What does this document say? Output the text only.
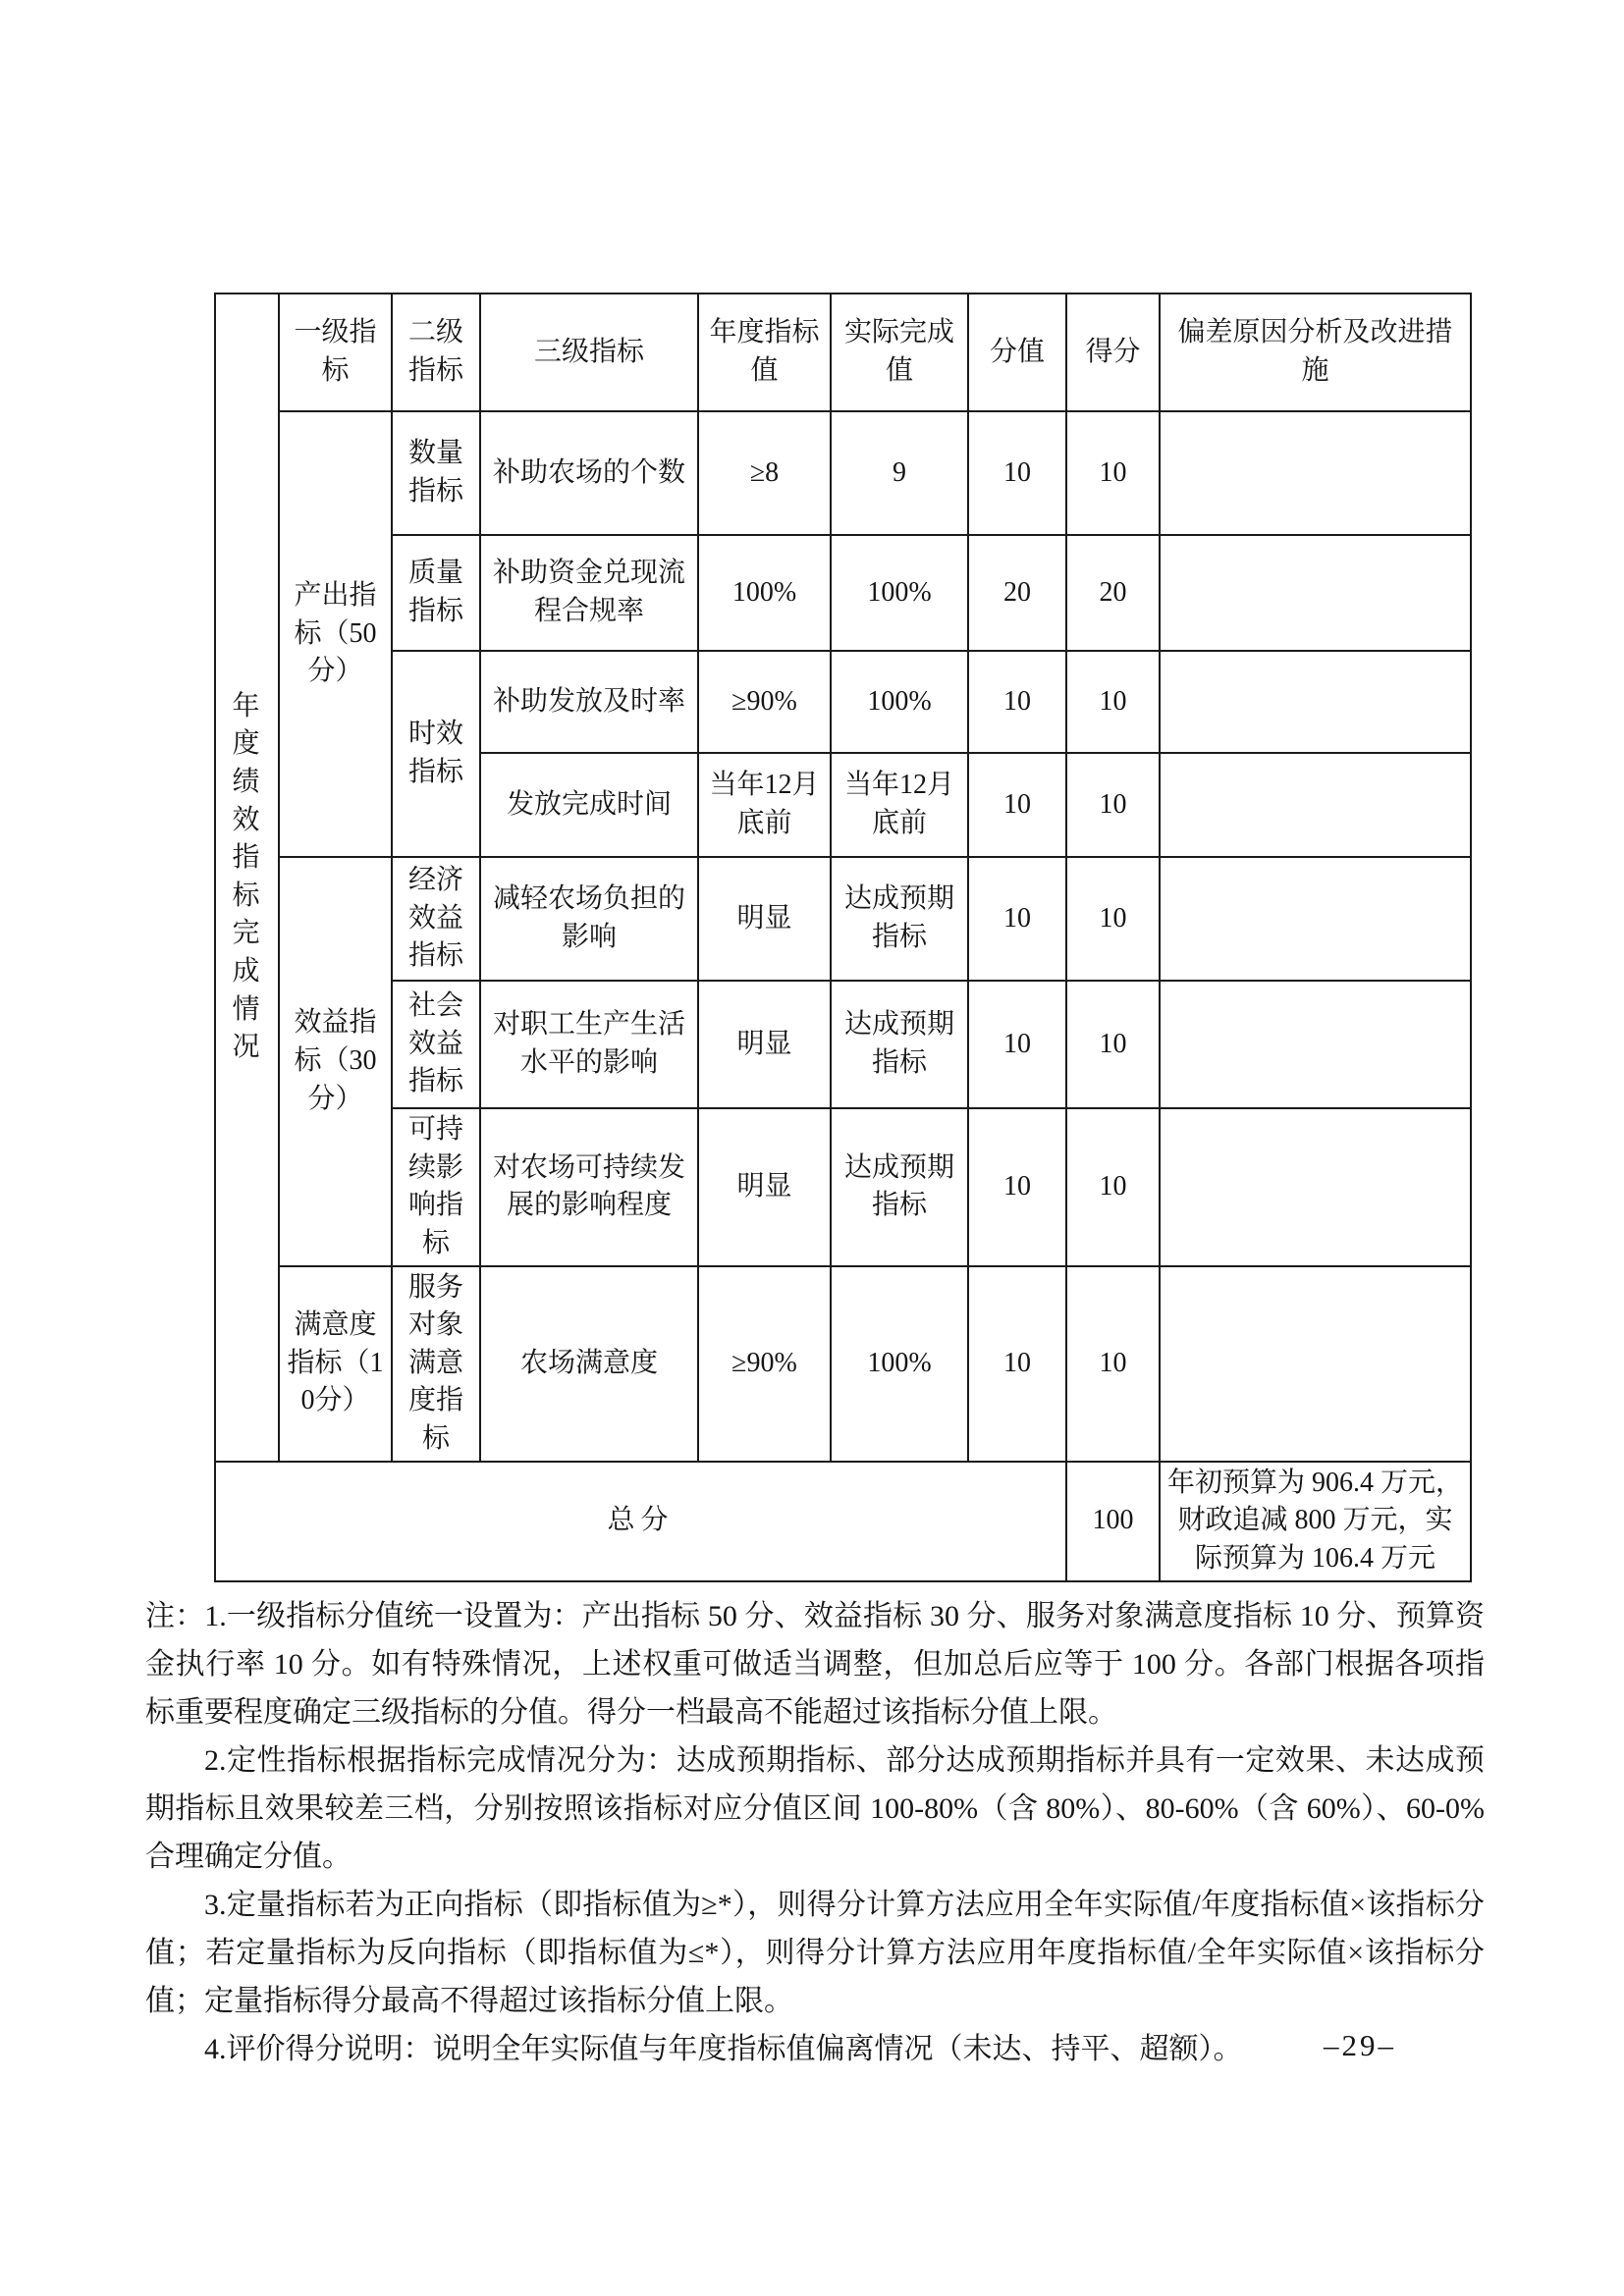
年度绩效指标完成情况	一级指标	二级指标	三级指标	年度指标值	实际完成值	分值	得分	偏差原因分析及改进措施
	产出指标（50分）	数量指标	补助农场的个数	≥8	9	10	10	
		质量指标	补助资金兑现流程合规率	100%	100%	20	20	
		时效指标	补助发放及时率	≥90%	100%	10	10	
			发放完成时间	当年12月底前	当年12月底前	10	10	
	效益指标（30分）	经济效益指标	减轻农场负担的影响	明显	达成预期指标	10	10	
		社会效益指标	对职工生产生活水平的影响	明显	达成预期指标	10	10	
		可持续影响指标	对农场可持续发展的影响程度	明显	达成预期指标	10	10	
	满意度指标（10分）	服务对象满意度指标	农场满意度	≥90%	100%	10	10	
总分							100	年初预算为 906.4 万元，财政追减 800 万元，实际预算为 106.4 万元

注：1.一级指标分值统一设置为：产出指标 50 分、效益指标 30 分、服务对象满意度指标 10 分、预算资金执行率 10 分。如有特殊情况，上述权重可做适当调整，但加总后应等于 100 分。各部门根据各项指标重要程度确定三级指标的分值。得分一档最高不能超过该指标分值上限。

2.定性指标根据指标完成情况分为：达成预期指标、部分达成预期指标并具有一定效果、未达成预期指标且效果较差三档，分别按照该指标对应分值区间 100-80%（含 80%）、80-60%（含 60%）、60-0%合理确定分值。

3.定量指标若为正向指标（即指标值为≥*），则得分计算方法应用全年实际值/年度指标值×该指标分值；若定量指标为反向指标（即指标值为≤*），则得分计算方法应用年度指标值/全年实际值×该指标分值；定量指标得分最高不得超过该指标分值上限。

4.评价得分说明：说明全年实际值与年度指标值偏离情况（未达、持平、超额）。	–29–
